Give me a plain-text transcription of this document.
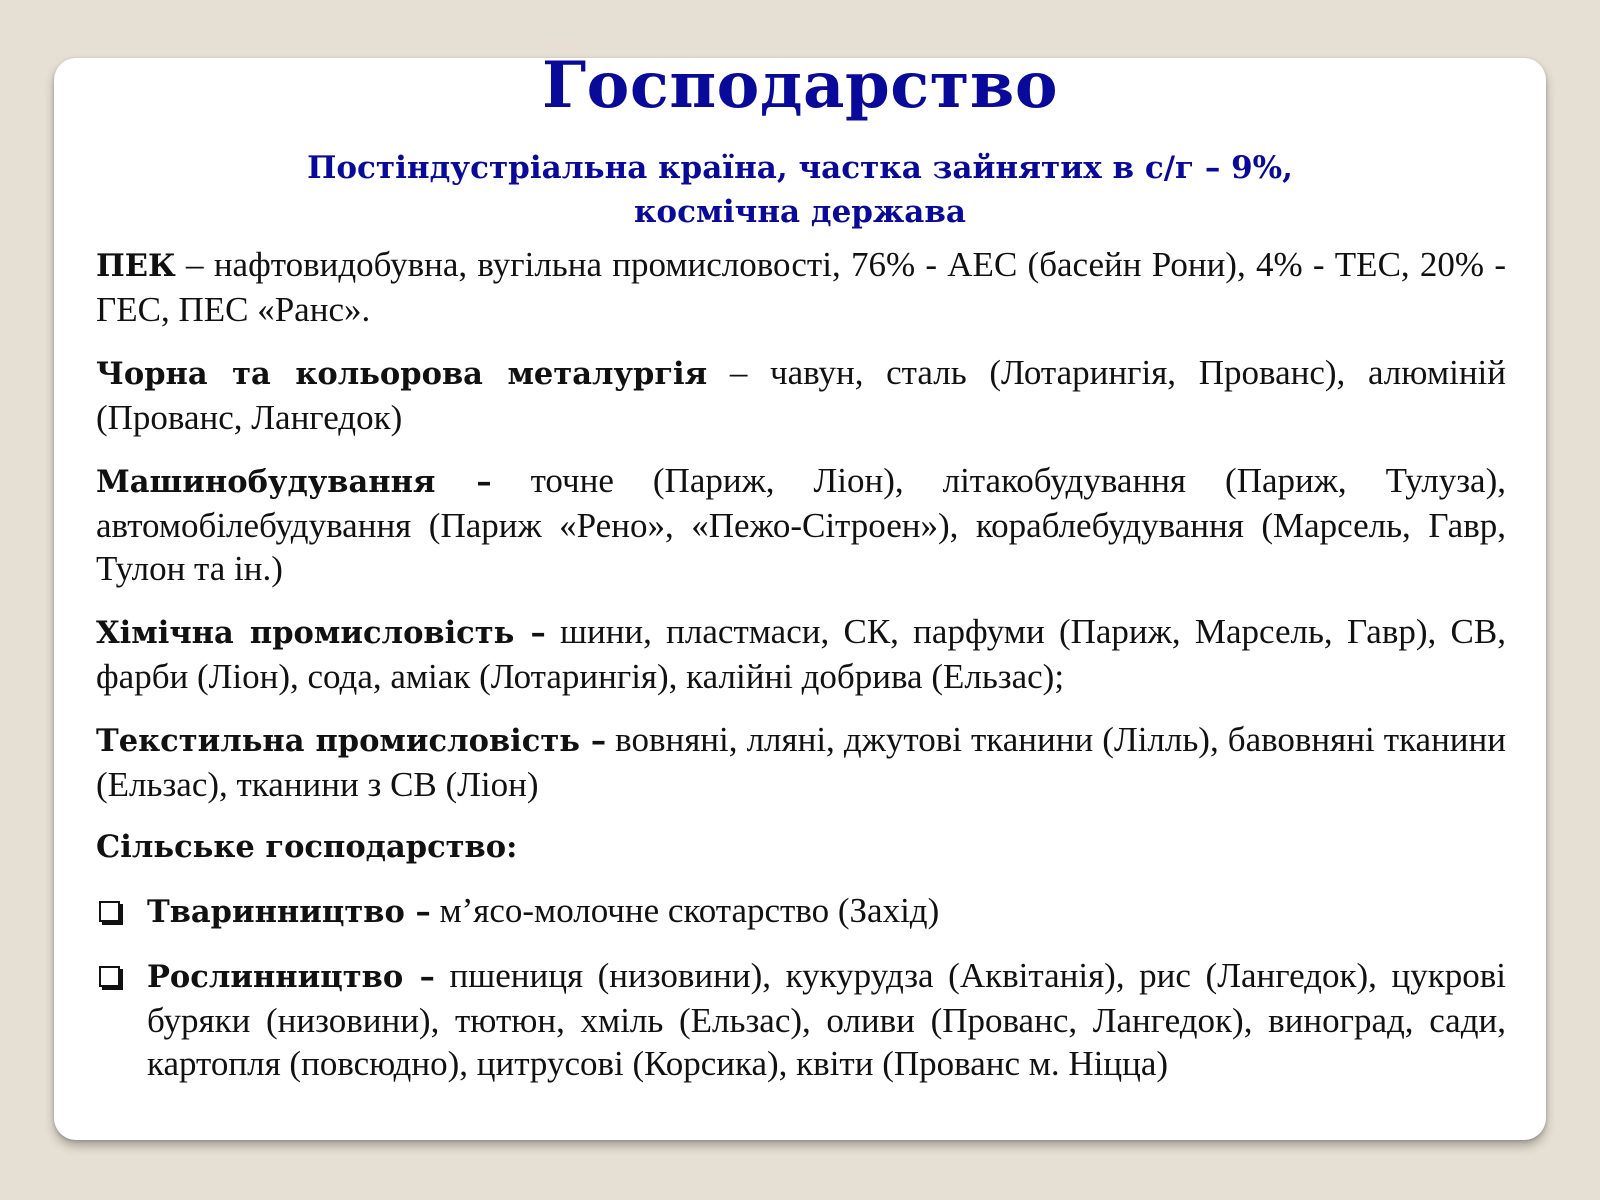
Господарство

Постіндустріальна країна, частка зайнятих в с/г – 9%, космічна держава

ПЕК – нафтовидобувна, вугільна промисловості, 76% - АЕС (басейн Рони), 4% - ТЕС, 20% - ГЕС, ПЕС «Ранс».

Чорна та кольорова металургія – чавун, сталь (Лотарингія, Прованс), алюміній (Прованс, Лангедок)

Машинобудування – точне (Париж, Ліон), літакобудування (Париж, Тулуза), автомобілебудування (Париж «Рено», «Пежо-Сітроен»), кораблебудування (Марсель, Гавр, Тулон та ін.)

Хімічна промисловість – шини, пластмаси, СК, парфуми (Париж, Марсель, Гавр), СВ, фарби (Ліон), сода, аміак (Лотарингія), калійні добрива (Ельзас);

Текстильна промисловість – вовняні, лляні, джутові тканини (Лілль), бавовняні тканини (Ельзас), тканини з СВ (Ліон)

Сільське господарство:

Тваринництво – м’ясо-молочне скотарство (Захід)
Рослинництво – пшениця (низовини), кукурудза (Аквітанія), рис (Лангедок), цукрові буряки (низовини), тютюн, хміль (Ельзас), оливи (Прованс, Лангедок), виноград, сади, картопля (повсюдно), цитрусові (Корсика), квіти (Прованс м. Ніцца)
